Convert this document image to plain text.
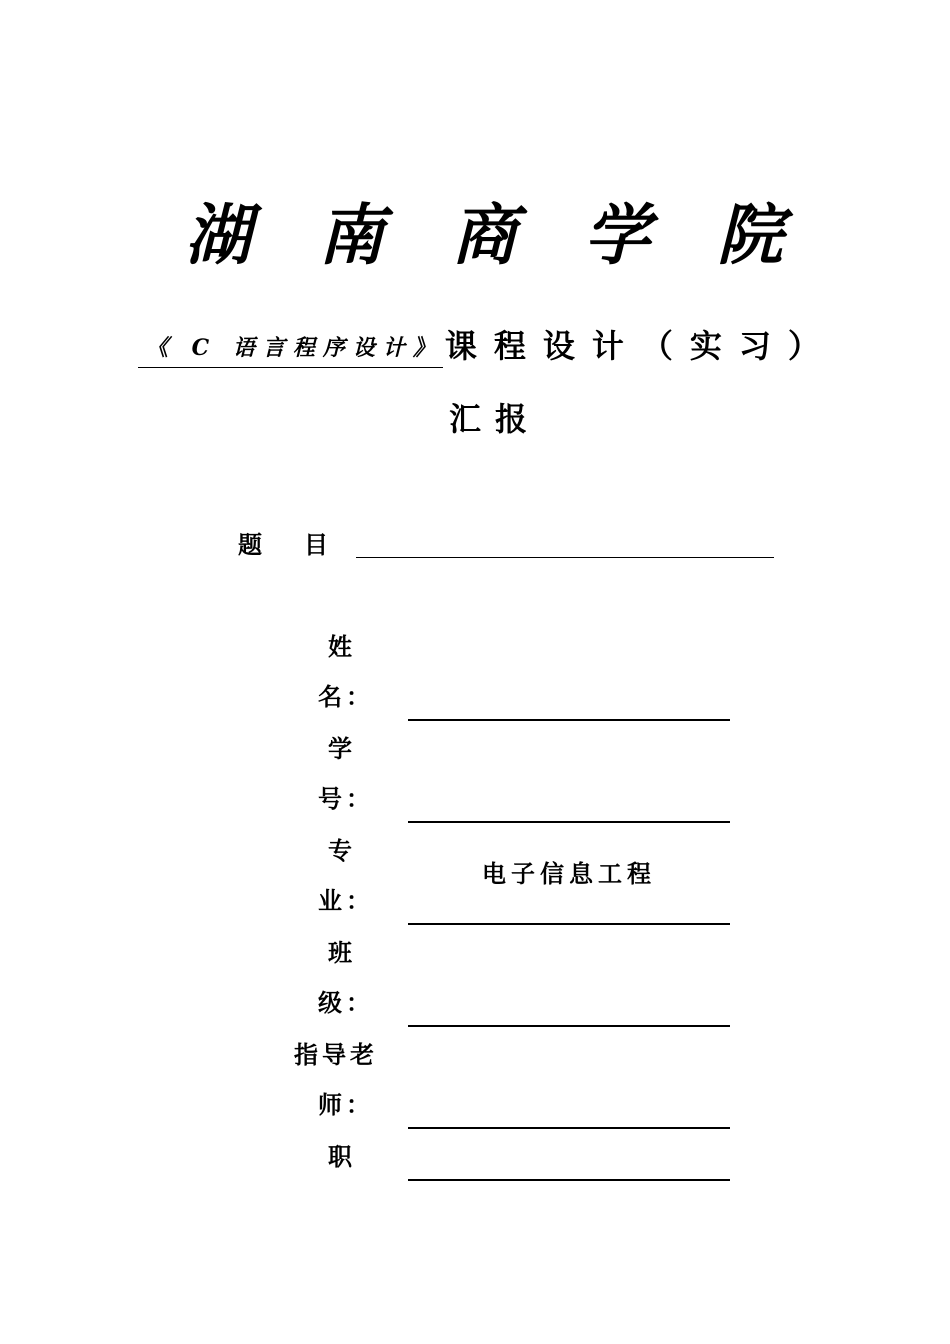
湖 南 商 学 院
《 C 语言程序设计》 课程设计（实习）
汇报
题目
姓
名：
学
号：
专
业：
电子信息工程
班
级：
指导老
师：
职
